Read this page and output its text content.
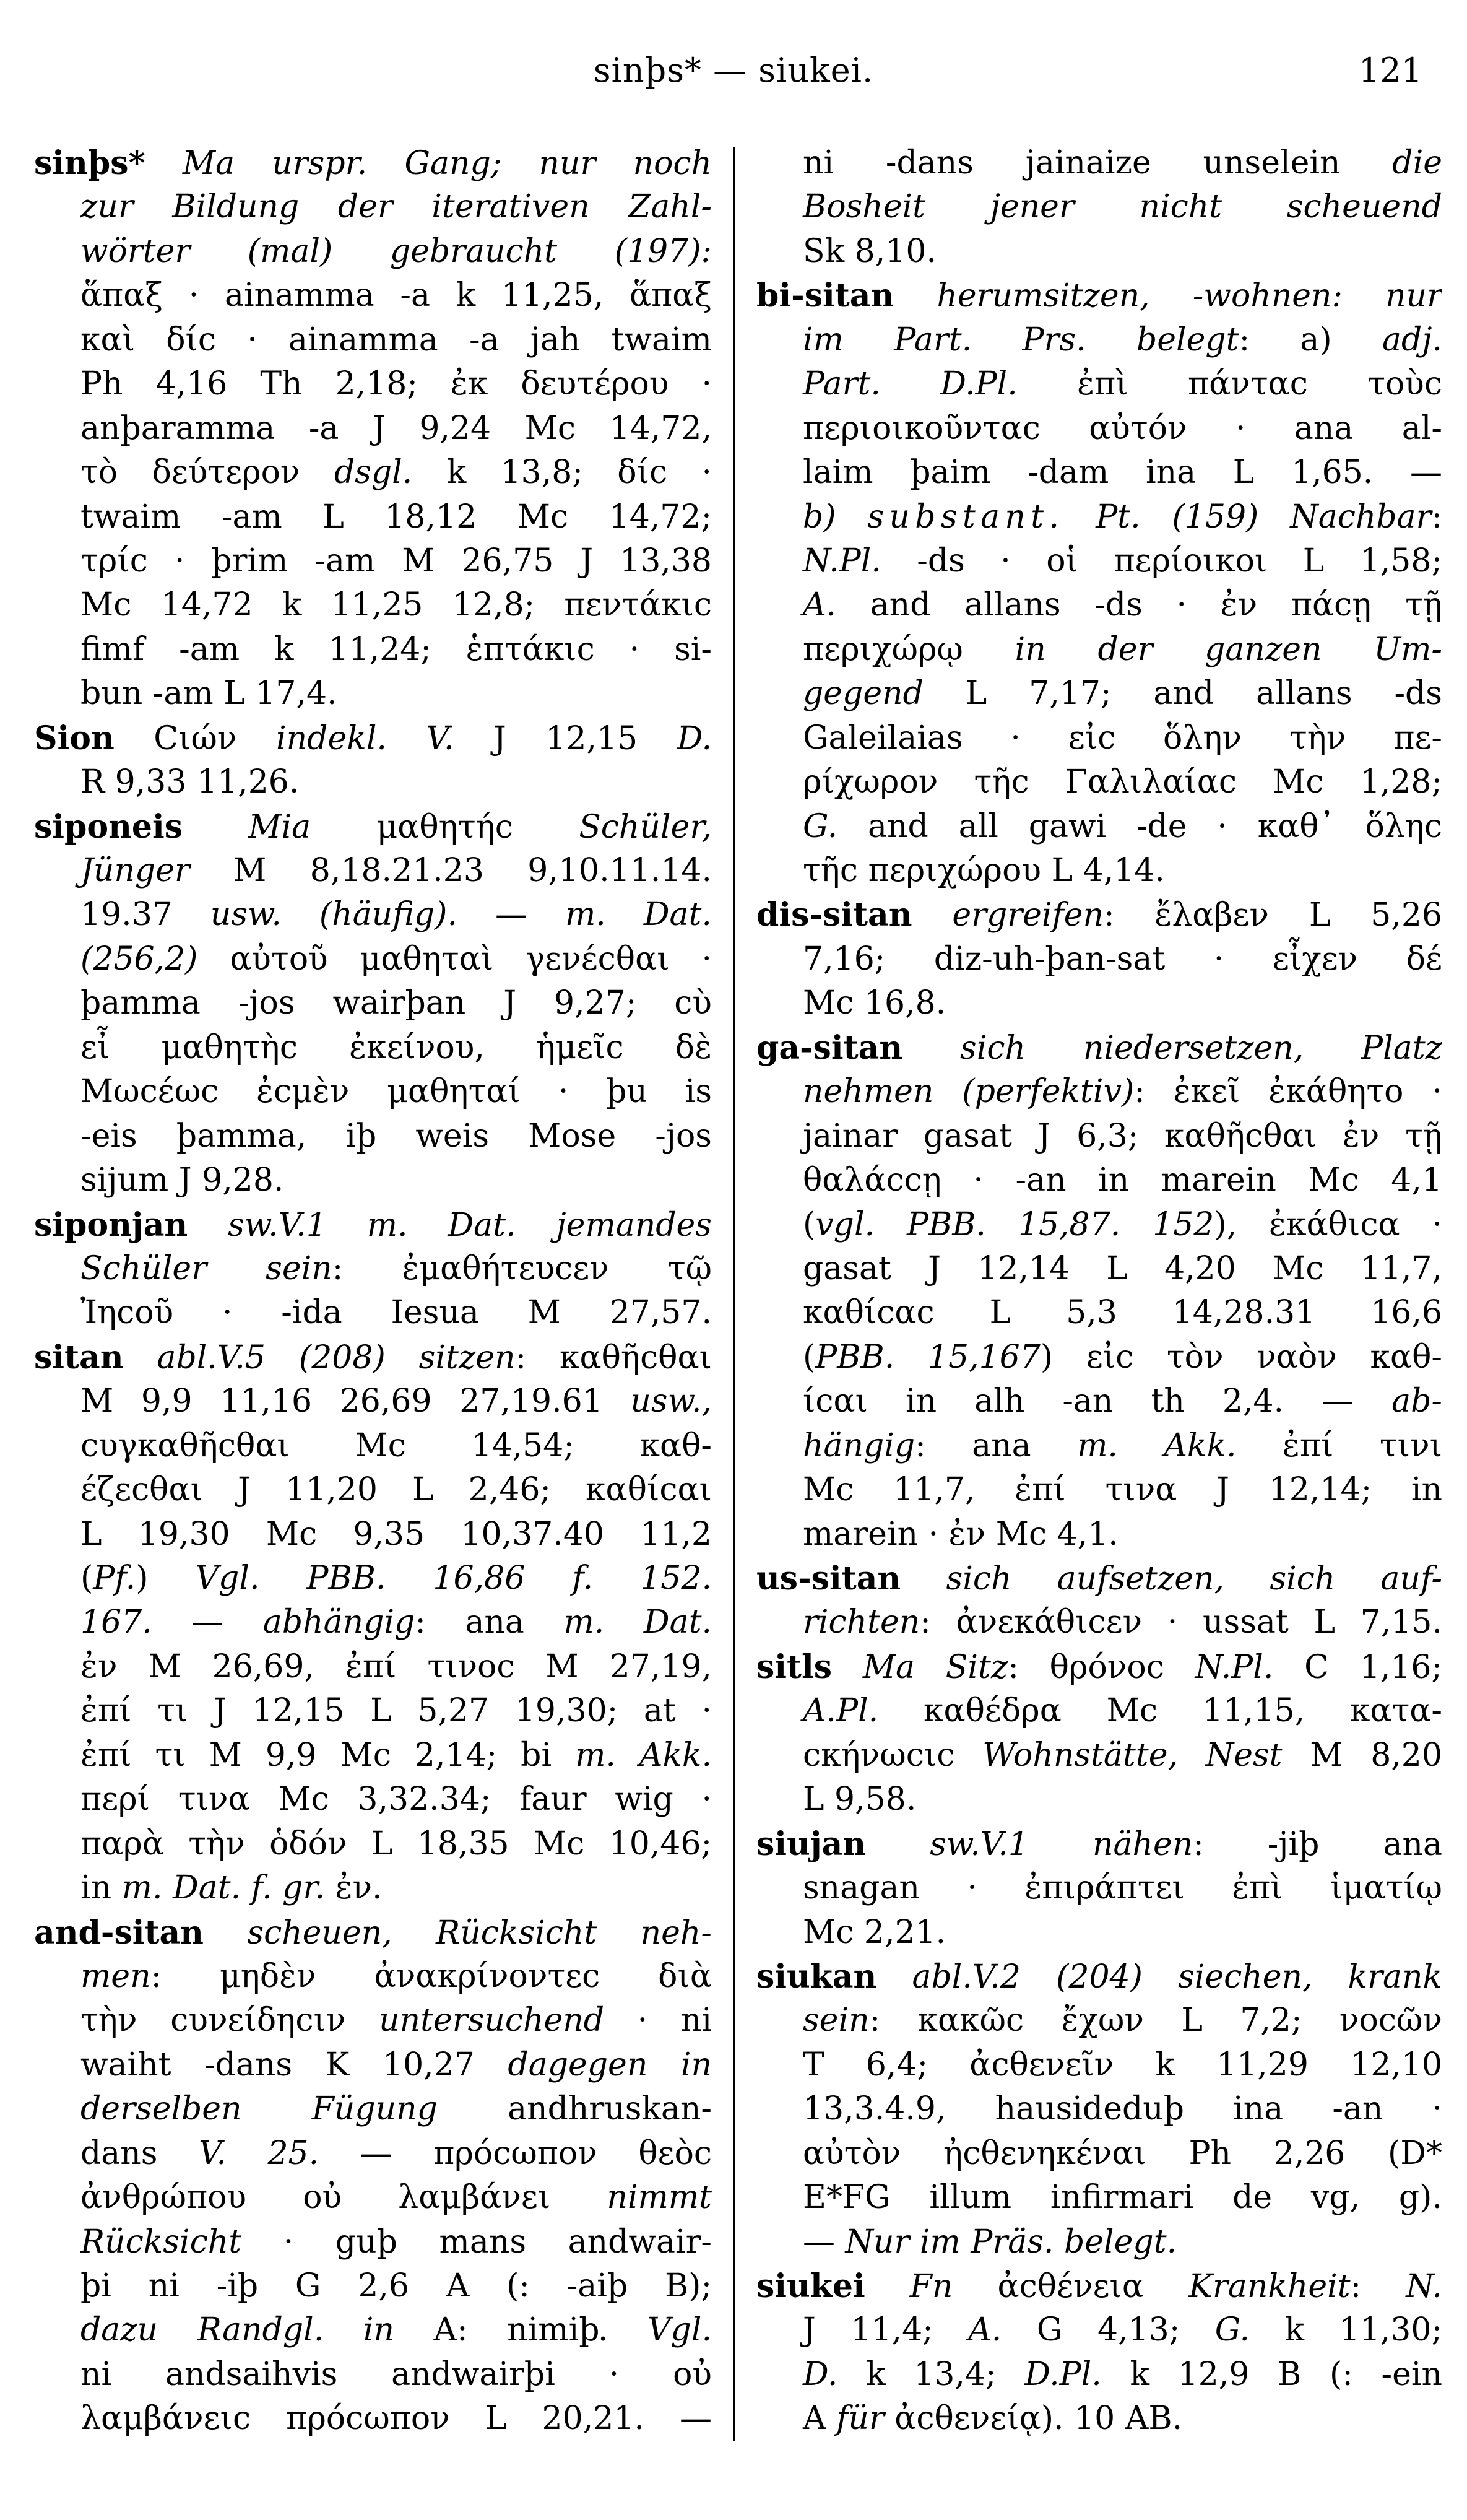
sinþs* — siukei.	121
sinþs* Ma urspr. Gang; nur noch
zur Bildung der iterativen Zahl-
wörter (mal) gebraucht (197):
ἅπαξ · ainamma -a k 11,25, ἅπαξ
καὶ δίc · ainamma -a jah twaim
Ph 4,16 Th 2,18; ἐκ δευτέρου ·
anþaramma -a J 9,24 Mc 14,72,
τὸ δεύτερον dsgl. k 13,8; δίc ·
twaim -am L 18,12 Mc 14,72;
τρίc · þrim -am M 26,75 J 13,38
Mc 14,72 k 11,25 12,8; πεντάκιc
fimf -am k 11,24; ἑπτάκιc · si-
bun -am L 17,4.
Sion Cιών indekl. V. J 12,15 D.
R 9,33 11,26.
siponeis Mia μαθητήc Schüler,
Jünger M 8,18.21.23 9,10.11.14.
19.37 usw. (häufig). — m. Dat.
(256,2) αὐτοῦ μαθηταὶ γενέcθαι ·
þamma -jos wairþan J 9,27; cὺ
εἶ μαθητὴc ἐκείνου, ἡμεῖc δὲ
Μωcέωc ἐcμὲν μαθηταί · þu is
-eis þamma, iþ weis Mose -jos
sijum J 9,28.
siponjan sw.V.1 m. Dat. jemandes
Schüler sein: ἐμαθήτευcεν τῷ
Ἰηcοῦ · -ida Iesua M 27,57.
sitan abl.V.5 (208) sitzen: καθῆcθαι
M 9,9 11,16 26,69 27,19.61 usw.,
cυγκαθῆcθαι Mc 14,54; καθ-
έζεcθαι J 11,20 L 2,46; καθίcαι
L 19,30 Mc 9,35 10,37.40 11,2
(Pf.) Vgl. PBB. 16,86 f. 152.
167. — abhängig: ana m. Dat.
ἐν M 26,69, ἐπί τινοc M 27,19,
ἐπί τι J 12,15 L 5,27 19,30; at ·
ἐπί τι M 9,9 Mc 2,14; bi m. Akk.
περί τινα Mc 3,32.34; faur wig ·
παρὰ τὴν ὁδόν L 18,35 Mc 10,46;
in m. Dat. f. gr. ἐν.
and-sitan scheuen, Rücksicht neh-
men: μηδὲν ἀνακρίνοντεc διὰ
τὴν cυνείδηcιν untersuchend · ni
waiht -dans K 10,27 dagegen in
derselben Fügung andhruskan-
dans V. 25. — πρόcωπον θεὸc
ἀνθρώπου οὐ λαμβάνει nimmt
Rücksicht · guþ mans andwair-
þi ni -iþ G 2,6 A (: -aiþ B);
dazu Randgl. in A: nimiþ. Vgl.
ni andsaihvis andwairþi · οὐ
λαμβάνειc πρόcωπον L 20,21. —
ni -dans jainaize unselein die
Bosheit jener nicht scheuend
Sk 8,10.
bi-sitan herumsitzen, -wohnen: nur
im Part. Prs. belegt: a) adj.
Part. D.Pl. ἐπὶ πάνταc τοὺc
περιοικοῦνταc αὐτόν · ana al-
laim þaim -dam ina L 1,65. —
b) substant. Pt. (159) Nachbar:
N.Pl. -ds · οἱ περίοικοι L 1,58;
A. and allans -ds · ἐν πάcῃ τῇ
περιχώρῳ in der ganzen Um-
gegend L 7,17; and allans -ds
Galeilaias · εἰc ὅλην τὴν πε-
ρίχωρον τῆc Γαλιλαίαc Mc 1,28;
G. and all gawi -de · καθ᾽ ὅληc
τῆc περιχώρου L 4,14.
dis-sitan ergreifen: ἔλαβεν L 5,26
7,16; diz-uh-þan-sat · εἶχεν δέ
Mc 16,8.
ga-sitan sich niedersetzen, Platz
nehmen (perfektiv): ἐκεῖ ἐκάθητο ·
jainar gasat J 6,3; καθῆcθαι ἐν τῇ
θαλάccῃ · -an in marein Mc 4,1
(vgl. PBB. 15,87. 152), ἐκάθιcα ·
gasat J 12,14 L 4,20 Mc 11,7,
καθίcαc L 5,3 14,28.31 16,6
(PBB. 15,167) εἰc τὸν ναὸν καθ-
ίcαι in alh -an th 2,4. — ab-
hängig: ana m. Akk. ἐπί τινι
Mc 11,7, ἐπί τινα J 12,14; in
marein · ἐν Mc 4,1.
us-sitan sich aufsetzen, sich auf-
richten: ἀνεκάθιcεν · ussat L 7,15.
sitls Ma Sitz: θρόνοc N.Pl. C 1,16;
A.Pl. καθέδρα Mc 11,15, κατα-
cκήνωcιc Wohnstätte, Nest M 8,20
L 9,58.
siujan sw.V.1 nähen: -jiþ ana
snagan · ἐπιράπτει ἐπὶ ἱματίῳ
Mc 2,21.
siukan abl.V.2 (204) siechen, krank
sein: κακῶc ἔχων L 7,2; νοcῶν
T 6,4; ἀcθενεῖν k 11,29 12,10
13,3.4.9, hausideduþ ina -an ·
αὐτὸν ἠcθενηκέναι Ph 2,26 (D*
E*FG illum infirmari de vg, g).
— Nur im Präs. belegt.
siukei Fn ἀcθένεια Krankheit: N.
J 11,4; A. G 4,13; G. k 11,30;
D. k 13,4; D.Pl. k 12,9 B (: -ein
A für ἀcθενείᾳ). 10 AB.
